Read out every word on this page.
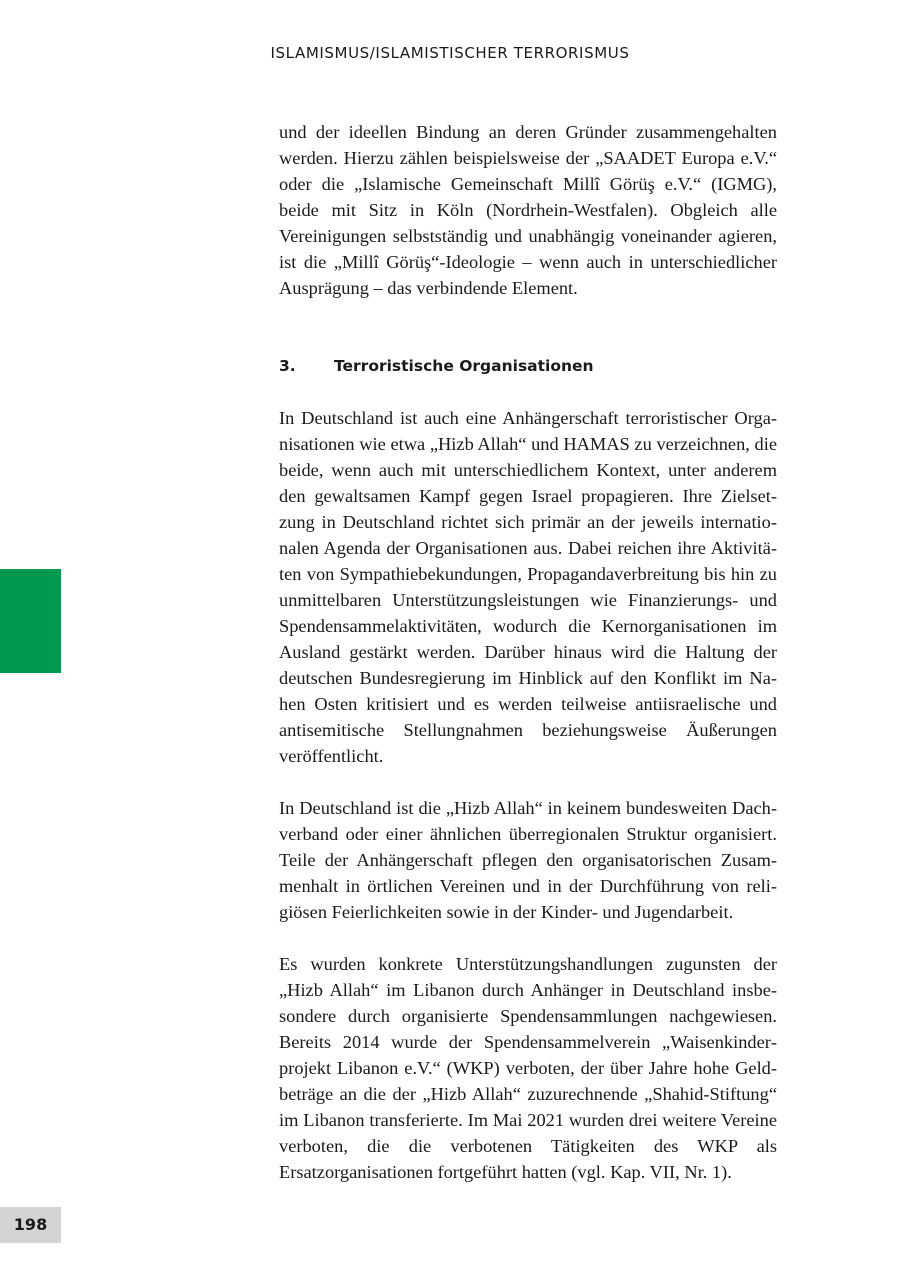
ISLAMISMUS/ISLAMISTISCHER TERRORISMUS

und der ideellen Bindung an deren Gründer zusammengehalten werden. Hierzu zählen beispielsweise der „SAADET Europa e.V.“ oder die „Islamische Gemeinschaft Millî Görüş e.V.“ (IGMG), beide mit Sitz in Köln (Nordrhein-Westfalen). Obgleich alle Vereinigungen selbstständig und unabhängig voneinander agieren, ist die „Millî Görüş“-Ideologie – wenn auch in unterschiedlicher Ausprägung – das verbindende Element.

3.	Terroristische Organisationen

In Deutschland ist auch eine Anhängerschaft terroristischer Organisationen wie etwa „Hizb Allah“ und HAMAS zu verzeichnen, die beide, wenn auch mit unterschiedlichem Kontext, unter anderem den gewaltsamen Kampf gegen Israel propagieren. Ihre Zielsetzung in Deutschland richtet sich primär an der jeweils internationalen Agenda der Organisationen aus. Dabei reichen ihre Aktivitäten von Sympathiebekundungen, Propagandaverbreitung bis hin zu unmittelbaren Unterstützungsleistungen wie Finanzierungs- und Spendensammelaktivitäten, wodurch die Kernorganisationen im Ausland gestärkt werden. Darüber hinaus wird die Haltung der deutschen Bundesregierung im Hinblick auf den Konflikt im Nahen Osten kritisiert und es werden teilweise antiisraelische und antisemitische Stellungnahmen beziehungsweise Äußerungen veröffentlicht.

In Deutschland ist die „Hizb Allah“ in keinem bundesweiten Dachverband oder einer ähnlichen überregionalen Struktur organisiert. Teile der Anhängerschaft pflegen den organisatorischen Zusammenhalt in örtlichen Vereinen und in der Durchführung von religiösen Feierlichkeiten sowie in der Kinder- und Jugendarbeit.

Es wurden konkrete Unterstützungshandlungen zugunsten der „Hizb Allah“ im Libanon durch Anhänger in Deutschland insbesondere durch organisierte Spendensammlungen nachgewiesen. Bereits 2014 wurde der Spendensammelverein „Waisenkinderprojekt Libanon e.V.“ (WKP) verboten, der über Jahre hohe Geldbeträge an die der „Hizb Allah“ zuzurechnende „Shahid-Stiftung“ im Libanon transferierte. Im Mai 2021 wurden drei weitere Vereine verboten, die die verbotenen Tätigkeiten des WKP als Ersatzorganisationen fortgeführt hatten (vgl. Kap. VII, Nr. 1).

198
